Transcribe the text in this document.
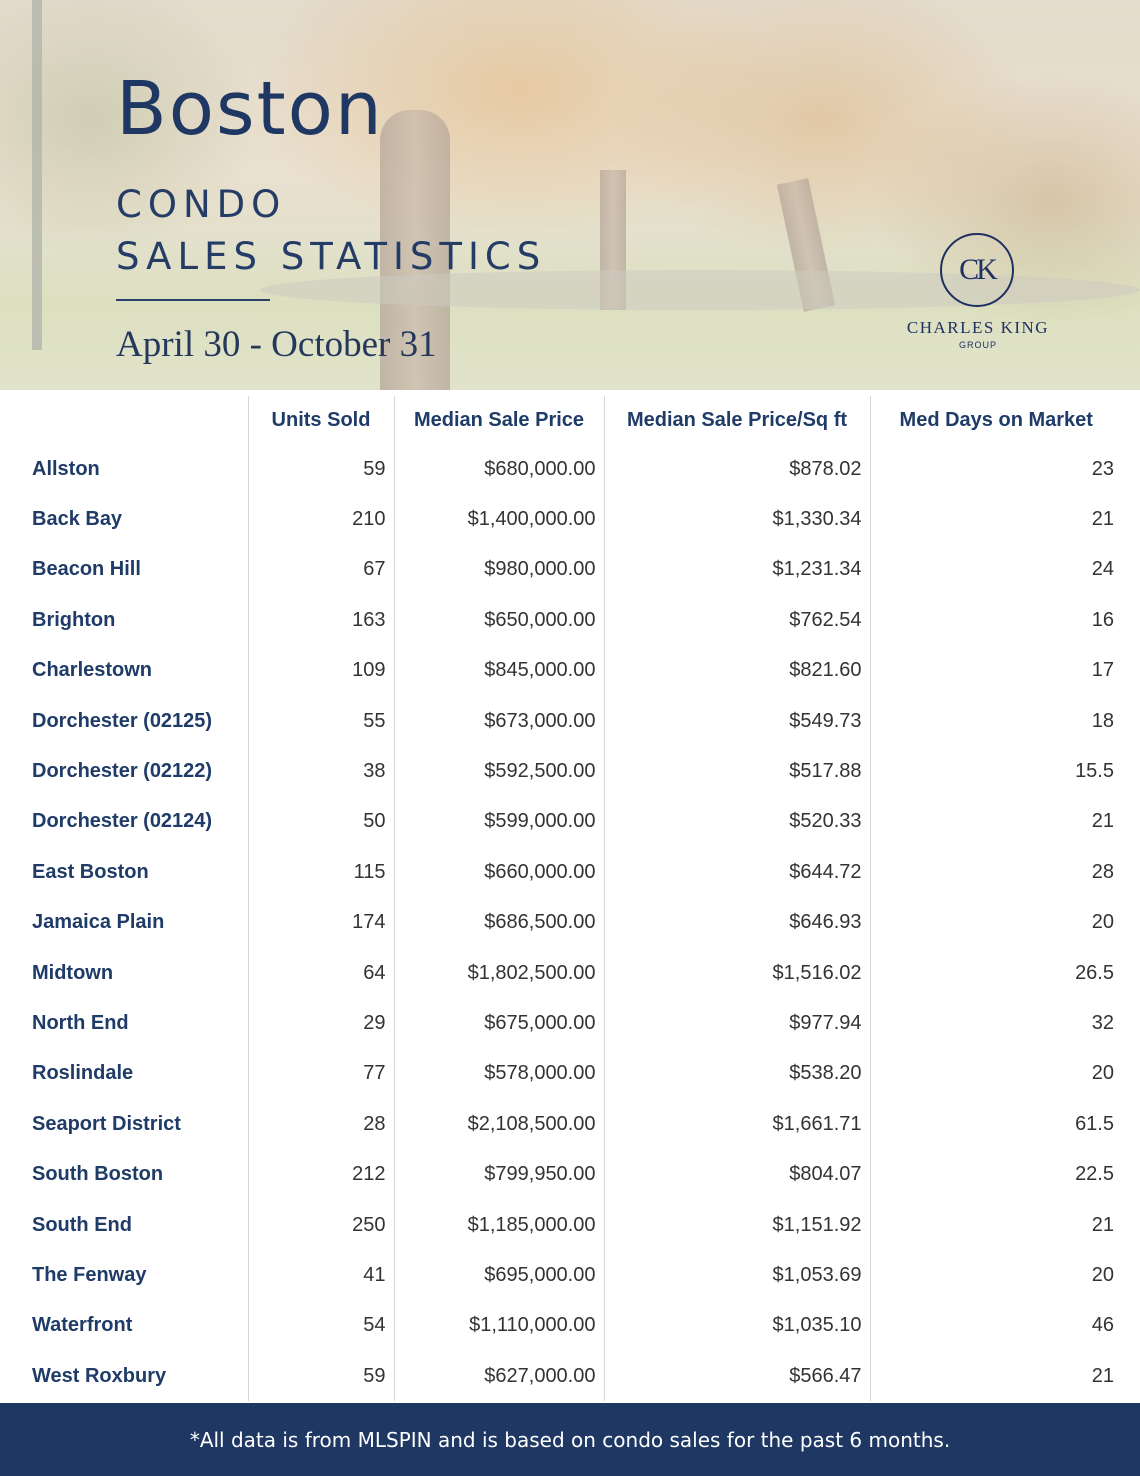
Boston

CONDO

SALES STATISTICS

April 30 - October 31

CK
CHARLES KING
GROUP
	Units Sold	Median Sale Price	Median Sale Price/Sq ft	Med Days on Market
Allston	59	$680,000.00	$878.02	23
Back Bay	210	$1,400,000.00	$1,330.34	21
Beacon Hill	67	$980,000.00	$1,231.34	24
Brighton	163	$650,000.00	$762.54	16
Charlestown	109	$845,000.00	$821.60	17
Dorchester (02125)	55	$673,000.00	$549.73	18
Dorchester (02122)	38	$592,500.00	$517.88	15.5
Dorchester (02124)	50	$599,000.00	$520.33	21
East Boston	115	$660,000.00	$644.72	28
Jamaica Plain	174	$686,500.00	$646.93	20
Midtown	64	$1,802,500.00	$1,516.02	26.5
North End	29	$675,000.00	$977.94	32
Roslindale	77	$578,000.00	$538.20	20
Seaport District	28	$2,108,500.00	$1,661.71	61.5
South Boston	212	$799,950.00	$804.07	22.5
South End	250	$1,185,000.00	$1,151.92	21
The Fenway	41	$695,000.00	$1,053.69	20
Waterfront	54	$1,110,000.00	$1,035.10	46
West Roxbury	59	$627,000.00	$566.47	21
*All data is from MLSPIN and is based on condo sales for the past 6 months.
